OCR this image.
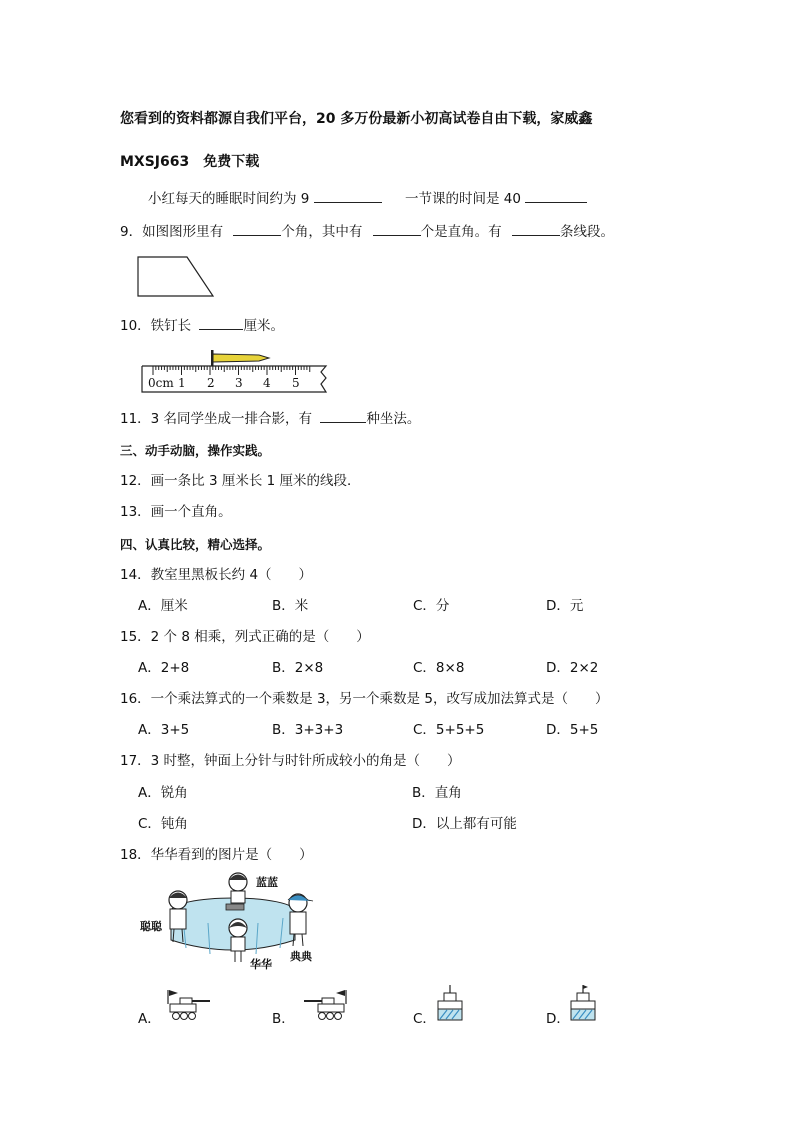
您看到的资料都源自我们平台，20 多万份最新小初高试卷自由下载，家威鑫
MXSJ663　免费下载
小红每天的睡眠时间约为 9	一节课的时间是 40
9．如图图形里有	个角，其中有	个是直角。有	条线段。
10．铁钉长	厘米。
0cm 1 2 3 4 5
11．3 名同学坐成一排合影，有	种坐法。
三、动手动脑，操作实践。
12．画一条比 3 厘米长 1 厘米的线段．
13．画一个直角。
四、认真比较，精心选择。
14．教室里黑板长约 4（　　）
A．厘米	B．米	C．分	D．元
15．2 个 8 相乘，列式正确的是（　　）
A．2+8	B．2×8	C．8×8	D．2×2
16．一个乘法算式的一个乘数是 3，另一个乘数是 5，改写成加法算式是（　　）
A．3+5	B．3+3+3	C．5+5+5	D．5+5
17．3 时整，钟面上分针与时针所成较小的角是（　　）
A．锐角	B．直角
C．钝角	D．以上都有可能
18．华华看到的图片是（　　）
蓝蓝
聪聪
典典
华华
A．	B．	C．	D．
